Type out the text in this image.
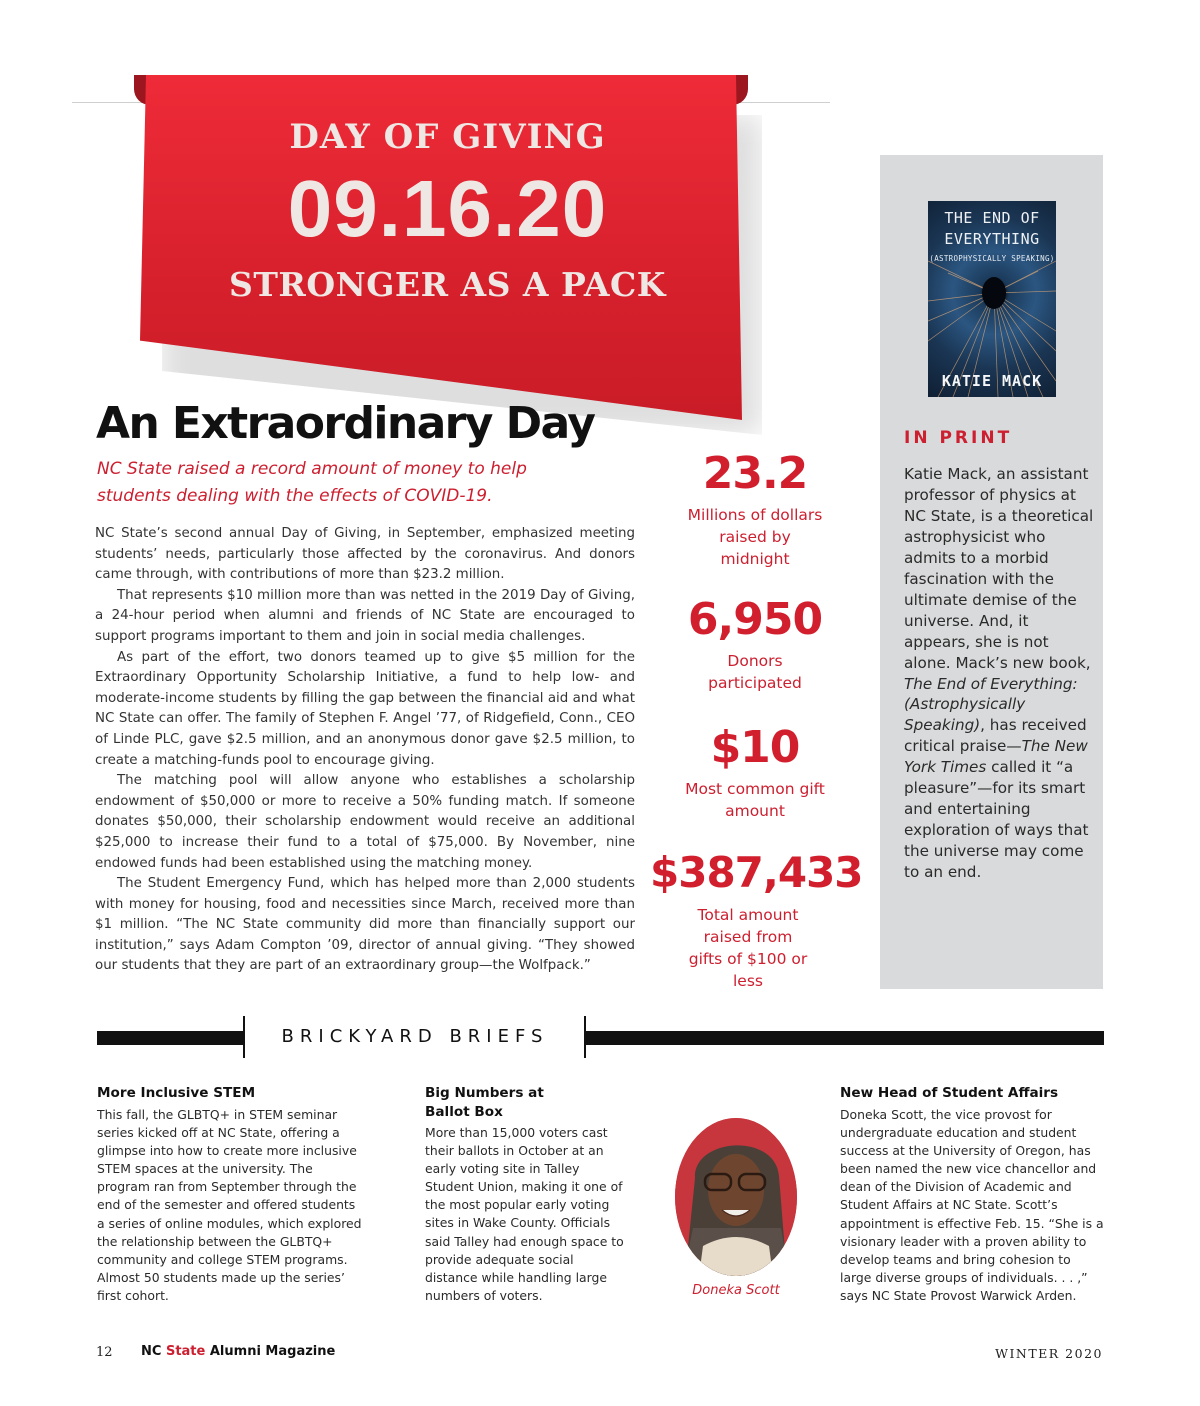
DAY OF GIVING
09.16.20
STRONGER AS A PACK
An Extraordinary Day
NC State raised a record amount of money to help students dealing with the effects of COVID-19.

NC State’s second annual Day of Giving, in September, emphasized meeting students’ needs, particularly those affected by the coronavirus. And donors came through, with contributions of more than $23.2 million.

That represents $10 million more than was netted in the 2019 Day of Giving, a 24-hour period when alumni and friends of NC State are encouraged to support programs important to them and join in social media challenges.

As part of the effort, two donors teamed up to give $5 million for the Extraordinary Opportunity Scholarship Initiative, a fund to help low- and moderate-income students by filling the gap between the financial aid and what NC State can offer. The family of Stephen F. Angel ’77, of Ridgefield, Conn., CEO of Linde PLC, gave $2.5 million, and an anonymous donor gave $2.5 million, to create a matching-funds pool to encourage giving.

The matching pool will allow anyone who establishes a scholarship endowment of $50,000 or more to receive a 50% funding match. If someone donates $50,000, their scholarship endowment would receive an additional $25,000 to increase their fund to a total of $75,000. By November, nine endowed funds had been established using the matching money.

The Student Emergency Fund, which has helped more than 2,000 students with money for housing, food and necessities since March, received more than $1 million. “The NC State community did more than financially support our institution,” says Adam Compton ’09, director of annual giving. “They showed our students that they are part of an extraordinary group—the Wolfpack.”

23.2
Millions of dollars raised by midnight
6,950
Donors participated
$10
Most common gift amount
$387,433
Total amount raised from gifts of $100 or less
THE END OF
EVERYTHING
(ASTROPHYSICALLY SPEAKING)
KATIE MACK
IN PRINT
Katie Mack, an assistant professor of physics at NC State, is a theoretical astrophysicist who admits to a morbid fascination with the ultimate demise of the universe. And, it appears, she is not alone. Mack’s new book, The End of Everything: (Astrophysically Speaking), has received critical praise—The New York Times called it “a pleasure”—for its smart and entertaining exploration of ways that the universe may come to an end.
BRICKYARD BRIEFS
More Inclusive STEM
This fall, the GLBTQ+ in STEM seminar series kicked off at NC State, offering a glimpse into how to create more inclusive STEM spaces at the university. The program ran from September through the end of the semester and offered students a series of online modules, which explored the relationship between the GLBTQ+ community and college STEM programs. Almost 50 students made up the series’ first cohort.
Big Numbers at Ballot Box
More than 15,000 voters cast their ballots in October at an early voting site in Talley Student Union, making it one of the most popular early voting sites in Wake County. Officials said Talley had enough space to provide adequate social distance while handling large numbers of voters.	Doneka Scott
New Head of Student Affairs
Doneka Scott, the vice provost for undergraduate education and student success at the University of Oregon, has been named the new vice chancellor and dean of the Division of Academic and Student Affairs at NC State. Scott’s appointment is effective Feb. 15. “She is a visionary leader with a proven ability to develop teams and bring cohesion to large diverse groups of individuals. . . ,” says NC State Provost Warwick Arden.
12 NC State Alumni Magazine	WINTER 2020
